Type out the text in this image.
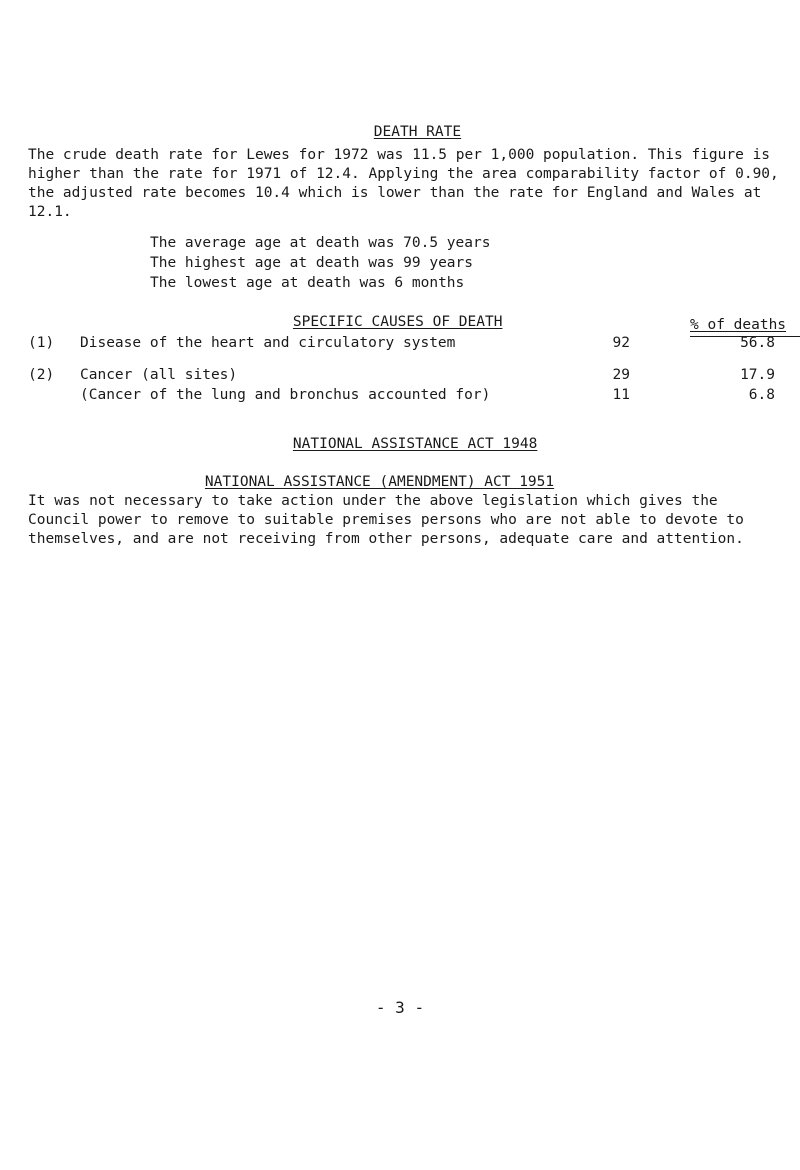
DEATH RATE

The crude death rate for Lewes for 1972 was 11.5 per 1,000 population. This figure is higher than the rate for 1971 of 12.4. Applying the area comparability factor of 0.90, the adjusted rate becomes 10.4 which is lower than the rate for England and Wales at 12.1.
The average age at death was 70.5 years
The highest age at death was 99 years
The lowest age at death was 6 months

SPECIFIC CAUSES OF DEATH
	% of deaths
(1) Disease of the heart and circulatory system	92	56.8
(2) Cancer (all sites)	29	17.9
(Cancer of the lung and bronchus accounted for)	11	6.8

NATIONAL ASSISTANCE ACT 1948

NATIONAL ASSISTANCE (AMENDMENT) ACT 1951

It was not necessary to take action under the above legislation which gives the Council power to remove to suitable premises persons who are not able to devote to themselves, and are not receiving from other persons, adequate care and attention.
- 3 -
